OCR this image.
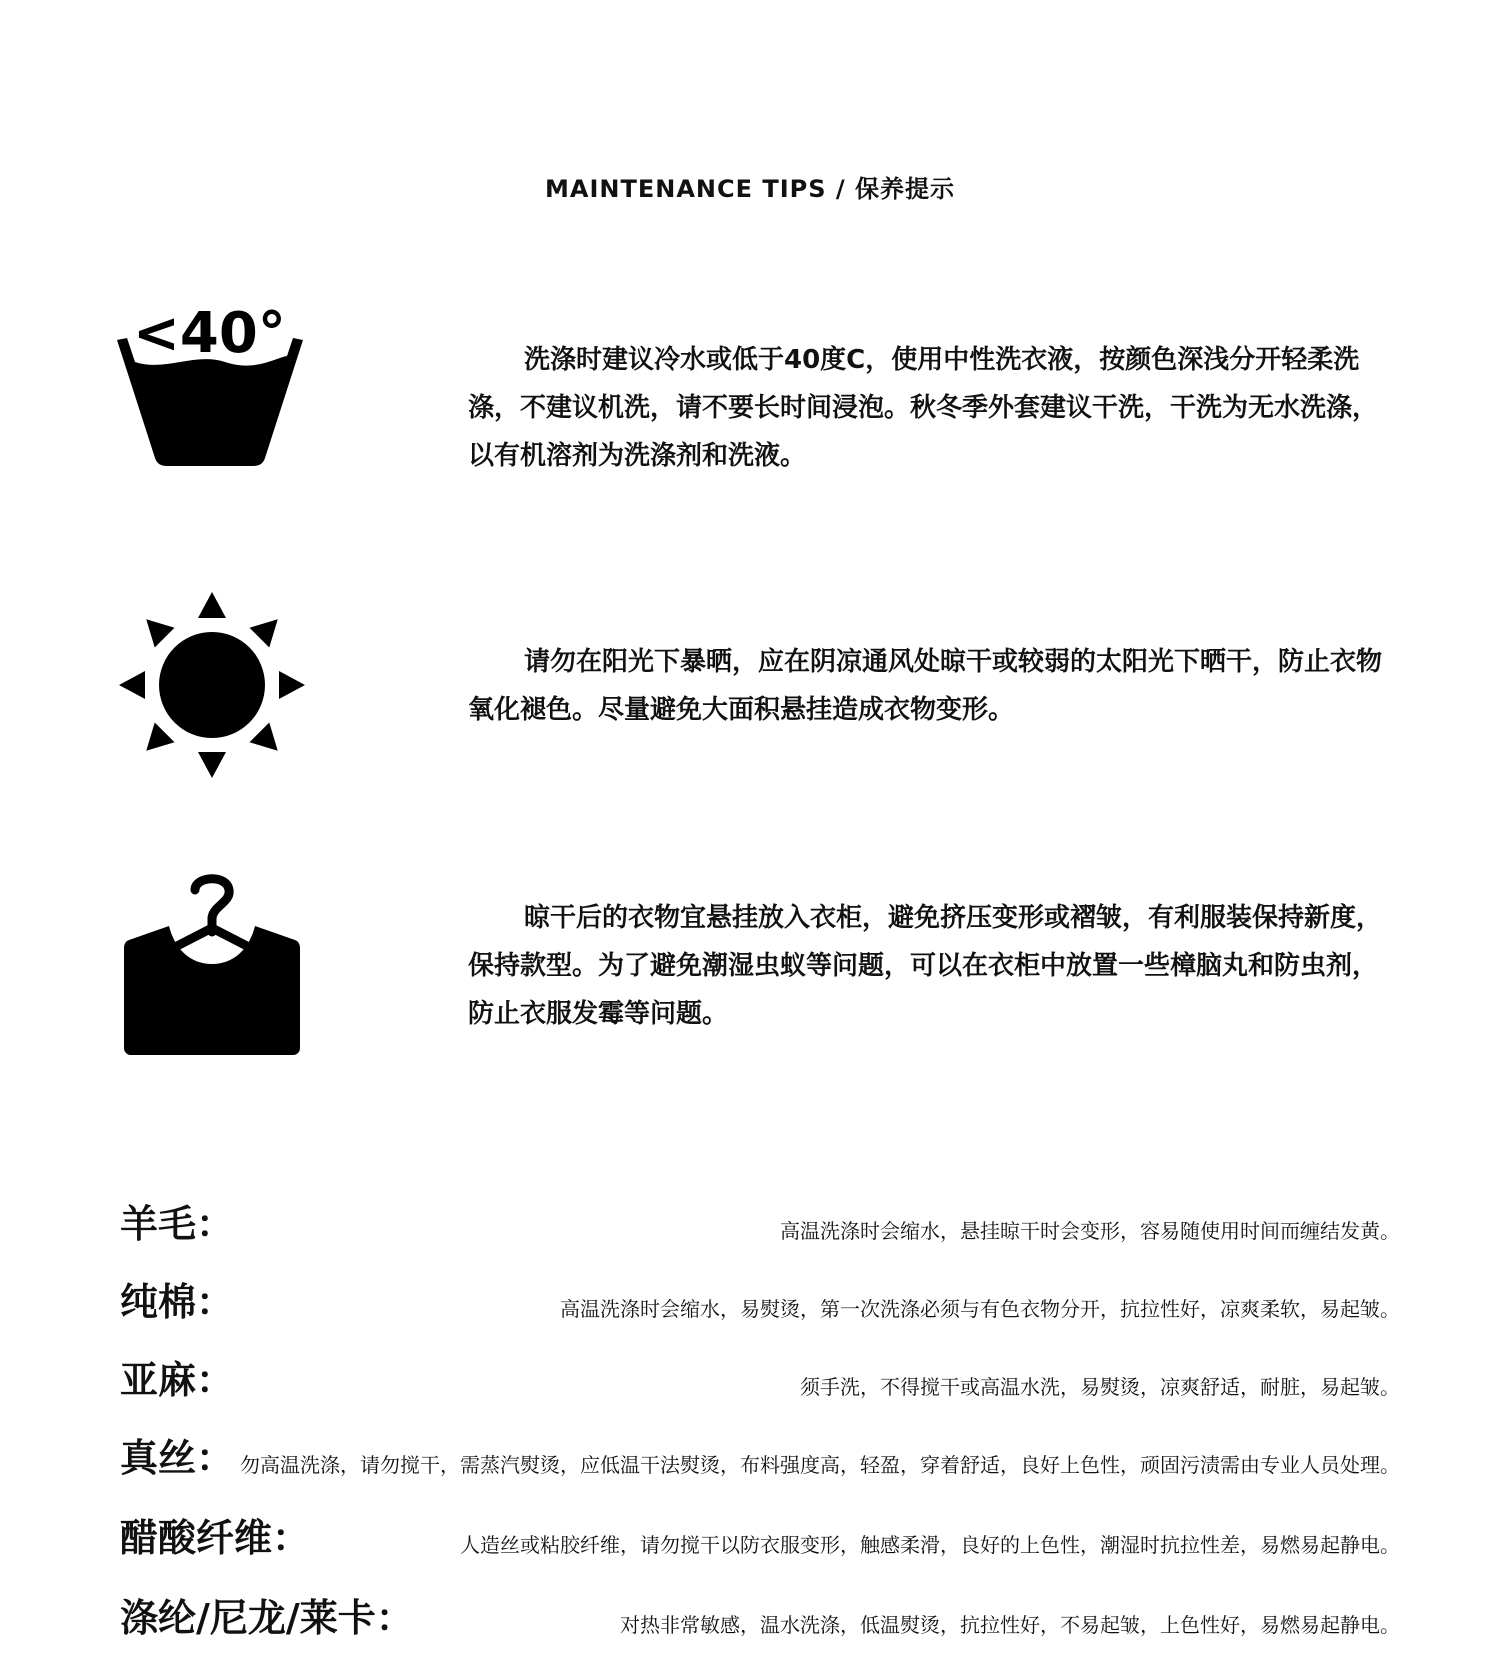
MAINTENANCE TIPS / 保养提示
<40°	洗涤时建议冷水或低于40度C，使用中性洗衣液，按颜色深浅分开轻柔洗涤，不建议机洗，请不要长时间浸泡。秋冬季外套建议干洗，干洗为无水洗涤，以有机溶剂为洗涤剂和洗液。

请勿在阳光下暴晒，应在阴凉通风处晾干或较弱的太阳光下晒干，防止衣物氧化褪色。尽量避免大面积悬挂造成衣物变形。

晾干后的衣物宜悬挂放入衣柜，避免挤压变形或褶皱，有利服装保持新度，保持款型。为了避免潮湿虫蚁等问题，可以在衣柜中放置一些樟脑丸和防虫剂，防止衣服发霉等问题。

羊毛：	高温洗涤时会缩水，悬挂晾干时会变形，容易随使用时间而缠结发黄。
纯棉：	高温洗涤时会缩水，易熨烫，第一次洗涤必须与有色衣物分开，抗拉性好，凉爽柔软，易起皱。
亚麻：	须手洗，不得搅干或高温水洗，易熨烫，凉爽舒适，耐脏，易起皱。
真丝： 勿高温洗涤，请勿搅干，需蒸汽熨烫，应低温干法熨烫，布料强度高，轻盈，穿着舒适，良好上色性，顽固污渍需由专业人员处理。
醋酸纤维：	人造丝或粘胶纤维，请勿搅干以防衣服变形，触感柔滑，良好的上色性，潮湿时抗拉性差，易燃易起静电。
涤纶/尼龙/莱卡：	对热非常敏感，温水洗涤，低温熨烫，抗拉性好，不易起皱，上色性好，易燃易起静电。
